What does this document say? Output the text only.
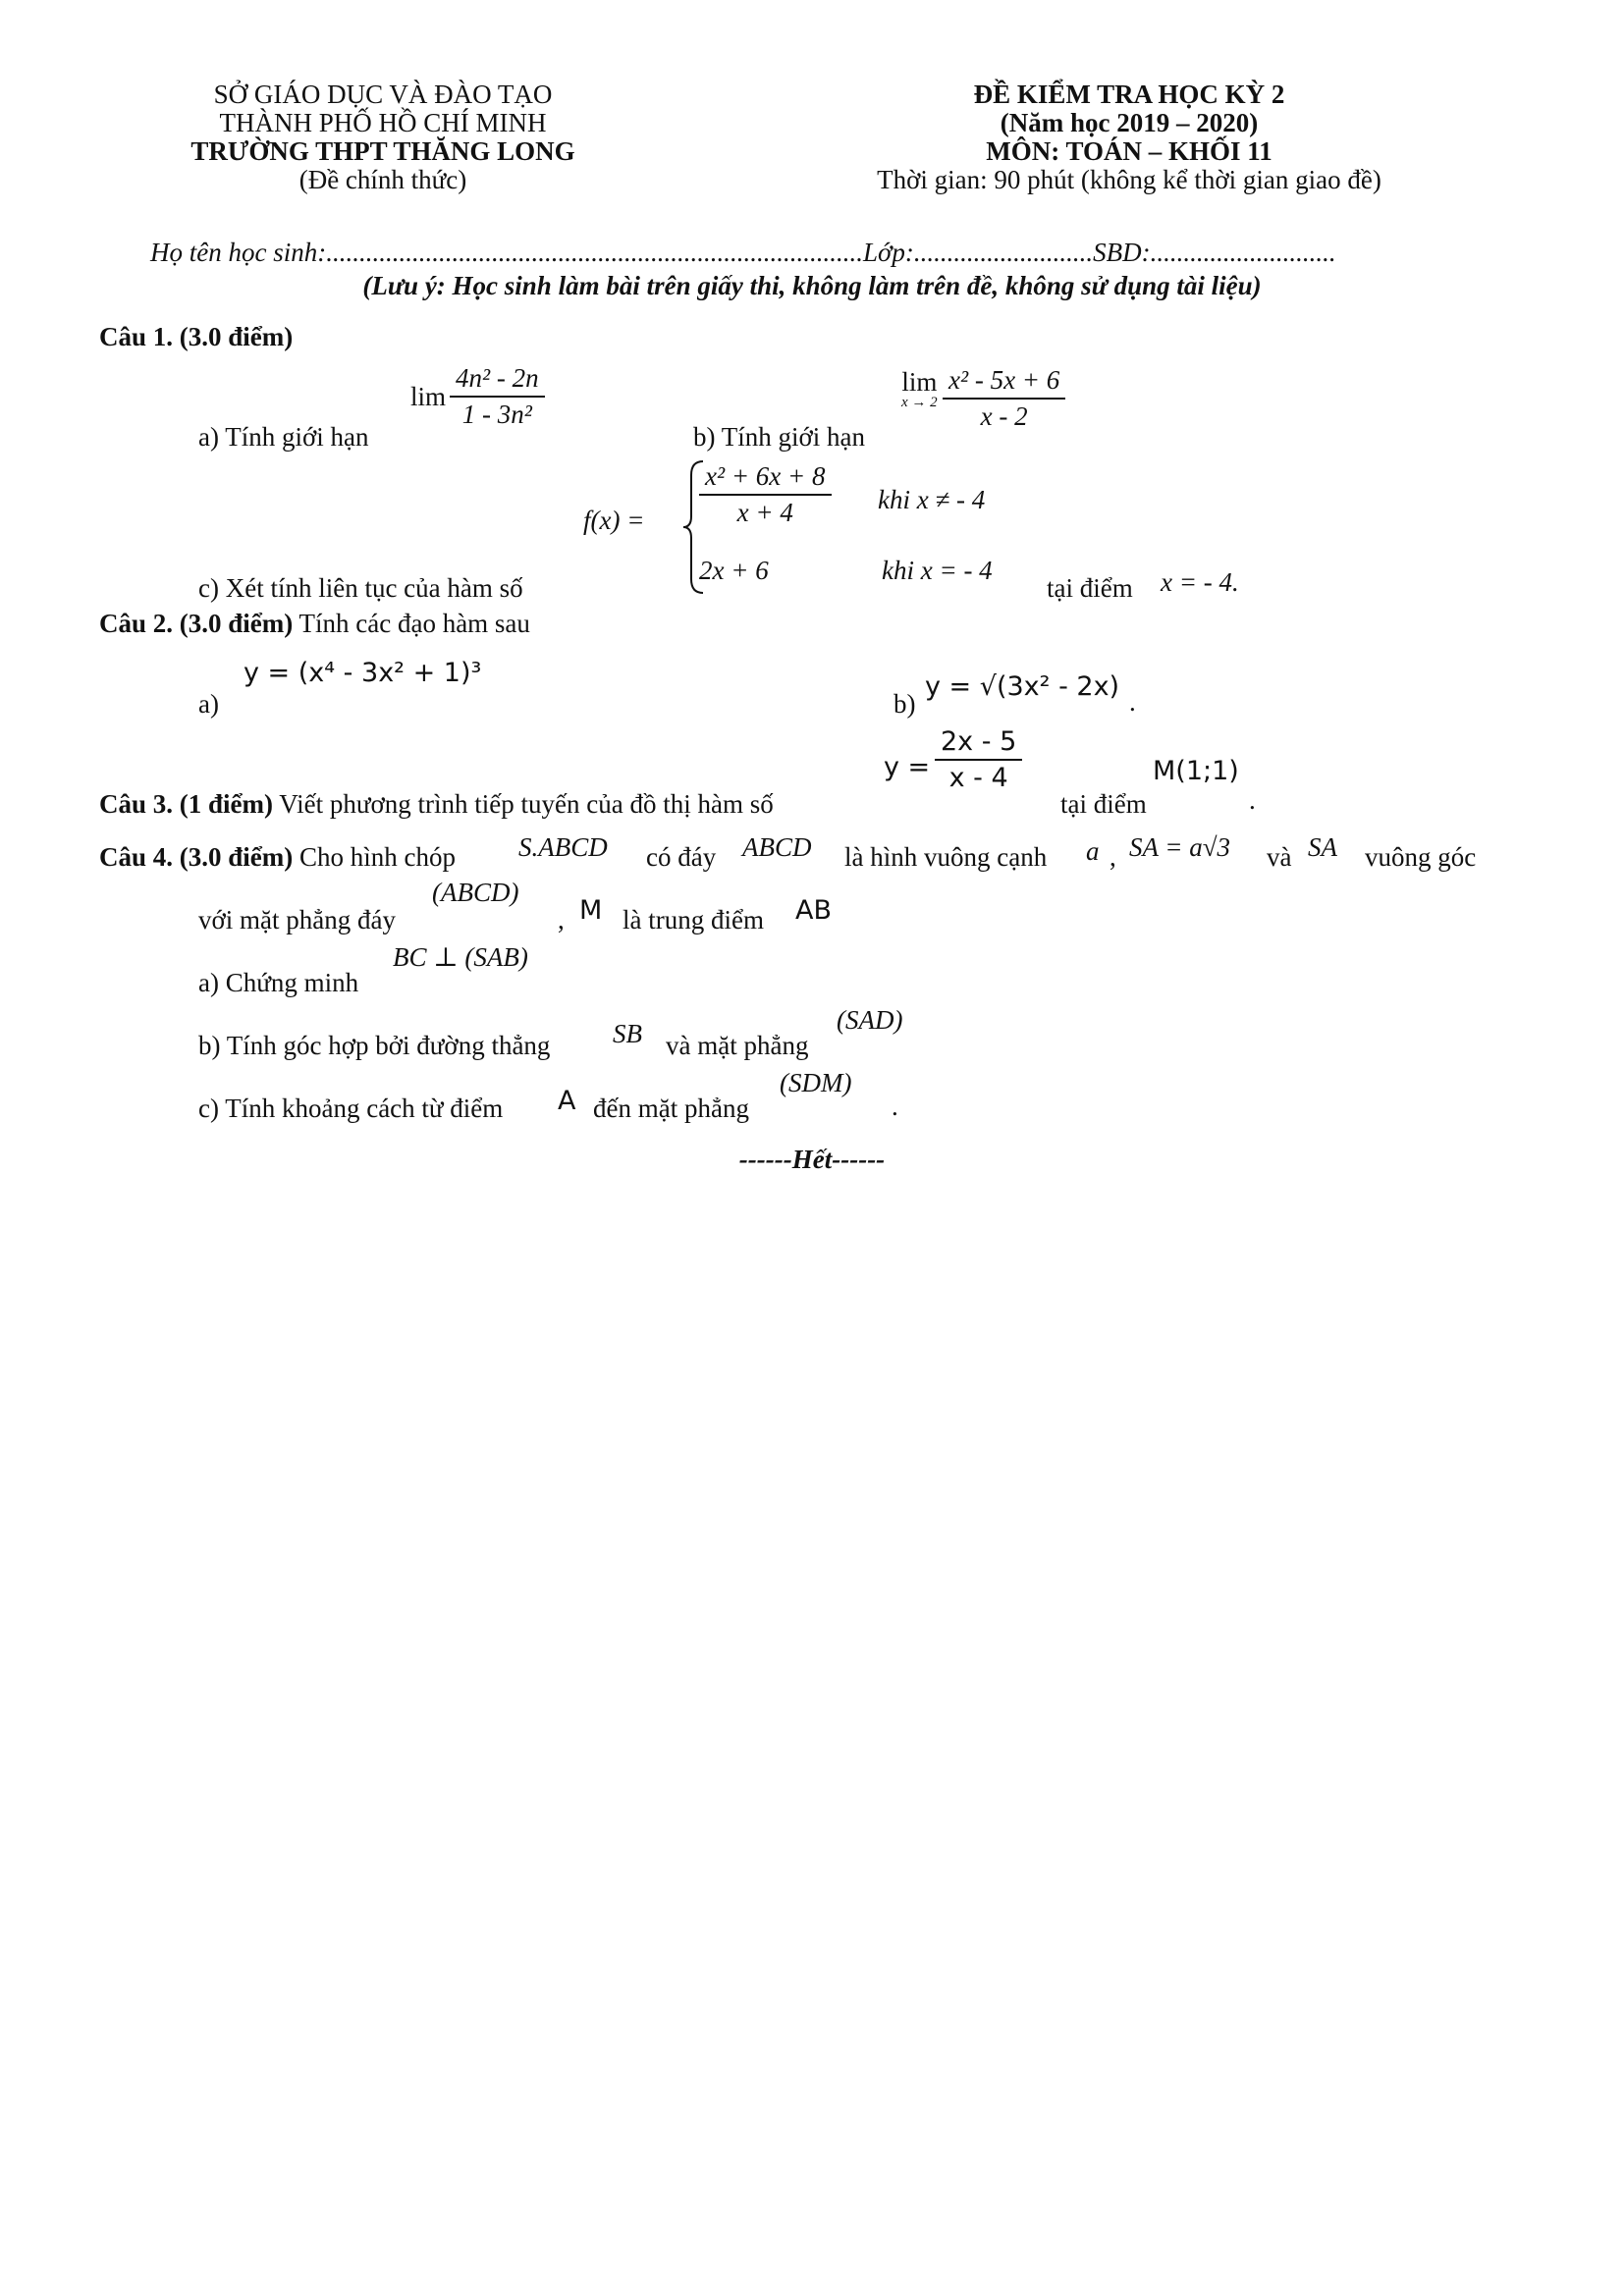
SỞ GIÁO DỤC VÀ ĐÀO TẠO
THÀNH PHỐ HỒ CHÍ MINH
TRƯỜNG THPT THĂNG LONG
(Đề chính thức)
ĐỀ KIỂM TRA HỌC KỲ 2
(Năm học 2019 – 2020)
MÔN: TOÁN – KHỐI 11
Thời gian: 90 phút (không kể thời gian giao đề)
Họ tên học sinh:.................................................................................Lớp:...........................SBD:............................
(Lưu ý: Học sinh làm bài trên giấy thi, không làm trên đề, không sử dụng tài liệu)
Câu 1. (3.0 điểm)
a) Tính giới hạn
$\lim \frac{\text{4n² - 2n}}{\text{1 - 3n²}}$
b) Tính giới hạn
lim
$x \to 2 \frac{\text{x² - 5x + 6}}{x - 2}$
c) Xét tính liên tục của hàm số
$f(x) = \frac{\text{x² + 6x + 8}}{x + 4}$ khi x ≠ - 4
2x + 6	khi x = - 4
tại điểm x = - 4.
Câu 2. (3.0 điểm) Tính các đạo hàm sau
a)
y = (x⁴ - 3x² + 1)³
b)
y = √(3x² - 2x) .
Câu 3. (1 điểm) Viết phương trình tiếp tuyến của đồ thị hàm số
$y = \frac{2x - 5}{x - 4}$
tại điểm
M(1;1)
.
Câu 4. (3.0 điểm) Cho hình chóp S.ABCD có đáy ABCD là hình vuông cạnh a , SA = a√3 và SA vuông góc
với mặt phẳng đáy
(ABCD)
, M là trung điểm AB
a) Chứng minh
BC ⊥ (SAB)
b) Tính góc hợp bởi đường thẳng SB và mặt phẳng
(SAD)
c) Tính khoảng cách từ điểm A đến mặt phẳng
(SDM)
.
------Hết------
